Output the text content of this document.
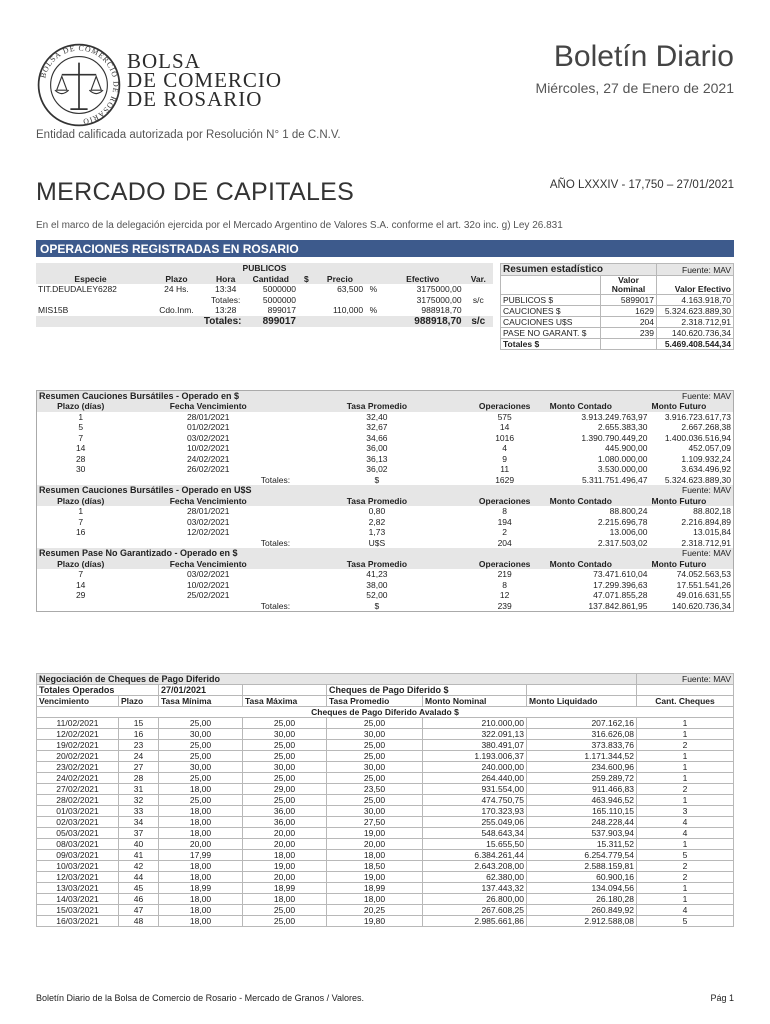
BOLSA DE COMERCIO DE ROSARIO
BOLSA
DE COMERCIO
DE ROSARIO
Boletín Diario
Miércoles, 27 de Enero de 2021
Entidad calificada autorizada por Resolución N° 1 de C.N.V.
MERCADO DE CAPITALES	AÑO LXXXIV - 17,750 – 27/01/2021
En el marco de la delegación ejercida por el Mercado Argentino de Valores S.A. conforme el art. 32o inc. g) Ley 26.831
OPERACIONES REGISTRADAS EN ROSARIO
PUBLICOS								
Especie	Plazo	Hora	Cantidad	$	Precio		Efectivo	Var.
TIT.DEUDALEY6282	24 Hs.	13:34	5000000		63,500	%	3175000,00	
		Totales:	5000000				3175000,00	s/c
MIS15B	Cdo.Inm.	13:28	899017		110,000	%	988918,70	
Totales:			899017				988918,70	s/c
Resumen estadístico		Fuente: MAV
	Valor Nominal	Valor Efectivo
PUBLICOS $	5899017	4.163.918,70
CAUCIONES $	1629	5.324.623.889,30
CAUCIONES U$S	204	2.318.712,91
PASE NO GARANT. $	239	140.620.736,34
Totales $		5.469.408.544,34
Resumen Cauciones Bursátiles - Operado en $					Fuente: MAV
Plazo (días)	Fecha Vencimiento	Tasa Promedio	Operaciones	Monto Contado	Monto Futuro
1	28/01/2021	32,40	575	3.913.249.763,97	3.916.723.617,73
5	01/02/2021	32,67	14	2.655.383,30	2.667.268,38
7	03/02/2021	34,66	1016	1.390.790.449,20	1.400.036.516,94
14	10/02/2021	36,00	4	445.900,00	452.057,09
28	24/02/2021	36,13	9	1.080.000,00	1.109.932,24
30	26/02/2021	36,02	11	3.530.000,00	3.634.496,92
	Totales:	$	1629	5.311.751.496,47	5.324.623.889,30
Resumen Cauciones Bursátiles - Operado en U$S					Fuente: MAV
Plazo (días)	Fecha Vencimiento	Tasa Promedio	Operaciones	Monto Contado	Monto Futuro
1	28/01/2021	0,80	8	88.800,24	88.802,18
7	03/02/2021	2,82	194	2.215.696,78	2.216.894,89
16	12/02/2021	1,73	2	13.006,00	13.015,84
	Totales:	U$S	204	2.317.503,02	2.318.712,91
Resumen Pase No Garantizado - Operado en $					Fuente: MAV
Plazo (días)	Fecha Vencimiento	Tasa Promedio	Operaciones	Monto Contado	Monto Futuro
7	03/02/2021	41,23	219	73.471.610,04	74.052.563,53
14	10/02/2021	38,00	8	17.299.396,63	17.551.541,26
29	25/02/2021	52,00	12	47.071.855,28	49.016.631,55
	Totales:	$	239	137.842.861,95	140.620.736,34
Negociación de Cheques de Pago Diferido							Fuente: MAV
Totales Operados		27/01/2021		Cheques de Pago Diferido $			
Vencimiento	Plazo	Tasa Mínima	Tasa Máxima	Tasa Promedio	Monto Nominal	Monto Liquidado	Cant. Cheques
Cheques de Pago Diferido Avalado $							
11/02/2021	15	25,00	25,00	25,00	210.000,00	207.162,16	1
12/02/2021	16	30,00	30,00	30,00	322.091,13	316.626,08	1
19/02/2021	23	25,00	25,00	25,00	380.491,07	373.833,76	2
20/02/2021	24	25,00	25,00	25,00	1.193.006,37	1.171.344,52	1
23/02/2021	27	30,00	30,00	30,00	240.000,00	234.600,96	1
24/02/2021	28	25,00	25,00	25,00	264.440,00	259.289,72	1
27/02/2021	31	18,00	29,00	23,50	931.554,00	911.466,83	2
28/02/2021	32	25,00	25,00	25,00	474.750,75	463.946,52	1
01/03/2021	33	18,00	36,00	30,00	170.323,93	165.110,15	3
02/03/2021	34	18,00	36,00	27,50	255.049,06	248.228,44	4
05/03/2021	37	18,00	20,00	19,00	548.643,34	537.903,94	4
08/03/2021	40	20,00	20,00	20,00	15.655,50	15.311,52	1
09/03/2021	41	17,99	18,00	18,00	6.384.261,44	6.254.779,54	5
10/03/2021	42	18,00	19,00	18,50	2.643.208,00	2.588.159,81	2
12/03/2021	44	18,00	20,00	19,00	62.380,00	60.900,16	2
13/03/2021	45	18,99	18,99	18,99	137.443,32	134.094,56	1
14/03/2021	46	18,00	18,00	18,00	26.800,00	26.180,28	1
15/03/2021	47	18,00	25,00	20,25	267.608,25	260.849,92	4
16/03/2021	48	18,00	25,00	19,80	2.985.661,86	2.912.588,08	5
Boletín Diario de la Bolsa de Comercio de Rosario - Mercado de Granos / Valores.	Pág 1
